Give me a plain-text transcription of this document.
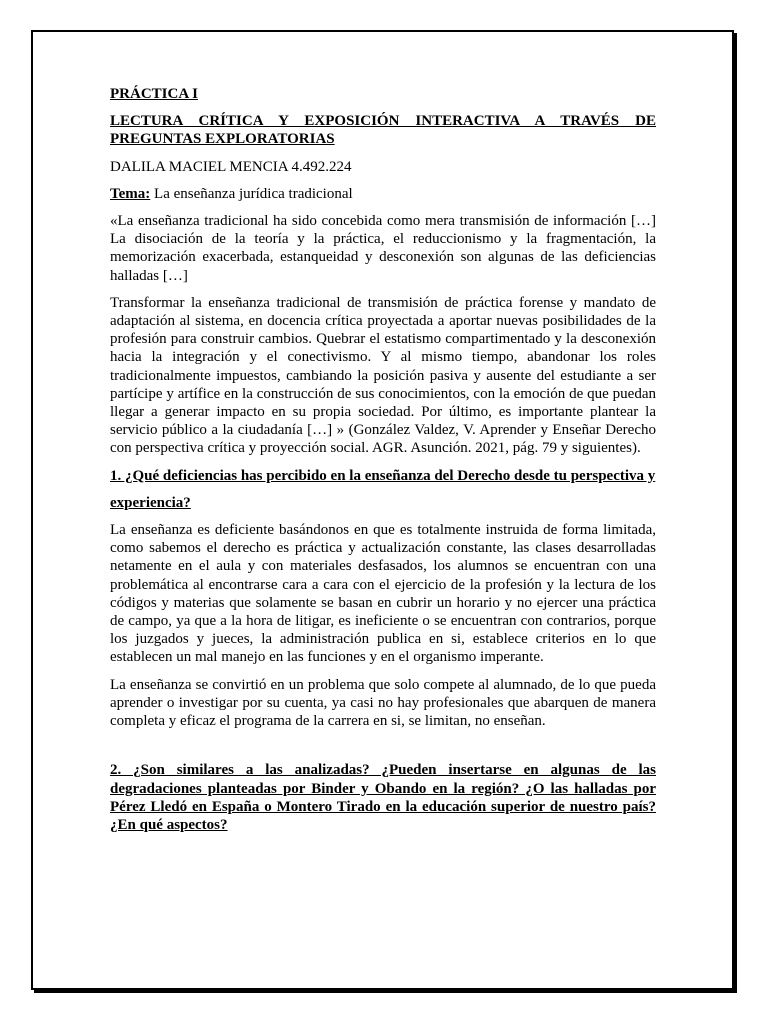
PRÁCTICA I

LECTURA CRÍTICA Y EXPOSICIÓN INTERACTIVA A TRAVÉS DE PREGUNTAS EXPLORATORIAS

DALILA MACIEL MENCIA 4.492.224

Tema: La enseñanza jurídica tradicional

«La enseñanza tradicional ha sido concebida como mera transmisión de información […] La disociación de la teoría y la práctica, el reduccionismo y la fragmentación, la memorización exacerbada, estanqueidad y desconexión son algunas de las deficiencias halladas […]

Transformar la enseñanza tradicional de transmisión de práctica forense y mandato de adaptación al sistema, en docencia crítica proyectada a aportar nuevas posibilidades de la profesión para construir cambios. Quebrar el estatismo compartimentado y la desconexión hacia la integración y el conectivismo. Y al mismo tiempo, abandonar los roles tradicionalmente impuestos, cambiando la posición pasiva y ausente del estudiante a ser partícipe y artífice en la construcción de sus conocimientos, con la emoción de que puedan llegar a generar impacto en su propia sociedad. Por último, es importante plantear la servicio público a la ciudadanía […] » (González Valdez, V. Aprender y Enseñar Derecho con perspectiva crítica y proyección social. AGR. Asunción. 2021, pág. 79 y siguientes).

1. ¿Qué deficiencias has percibido en la enseñanza del Derecho desde tu perspectiva y

experiencia?

La enseñanza es deficiente basándonos en que es totalmente instruida de forma limitada, como sabemos el derecho es práctica y actualización constante, las clases desarrolladas netamente en el aula y con materiales desfasados, los alumnos se encuentran con una problemática al encontrarse cara a cara con el ejercicio de la profesión y la lectura de los códigos y materias que solamente se basan en cubrir un horario y no ejercer una práctica de campo, ya que a la hora de litigar, es ineficiente o se encuentran con contrarios, porque los juzgados y jueces, la administración publica en si, establece criterios en lo que establecen un mal manejo en las funciones y en el organismo imperante.

La enseñanza se convirtió en un problema que solo compete al alumnado, de lo que pueda aprender o investigar por su cuenta, ya casi no hay profesionales que abarquen de manera completa y eficaz el programa de la carrera en si, se limitan, no enseñan.

2. ¿Son similares a las analizadas? ¿Pueden insertarse en algunas de las degradaciones planteadas por Binder y Obando en la región? ¿O las halladas por Pérez Lledó en España o Montero Tirado en la educación superior de nuestro país? ¿En qué aspectos?
